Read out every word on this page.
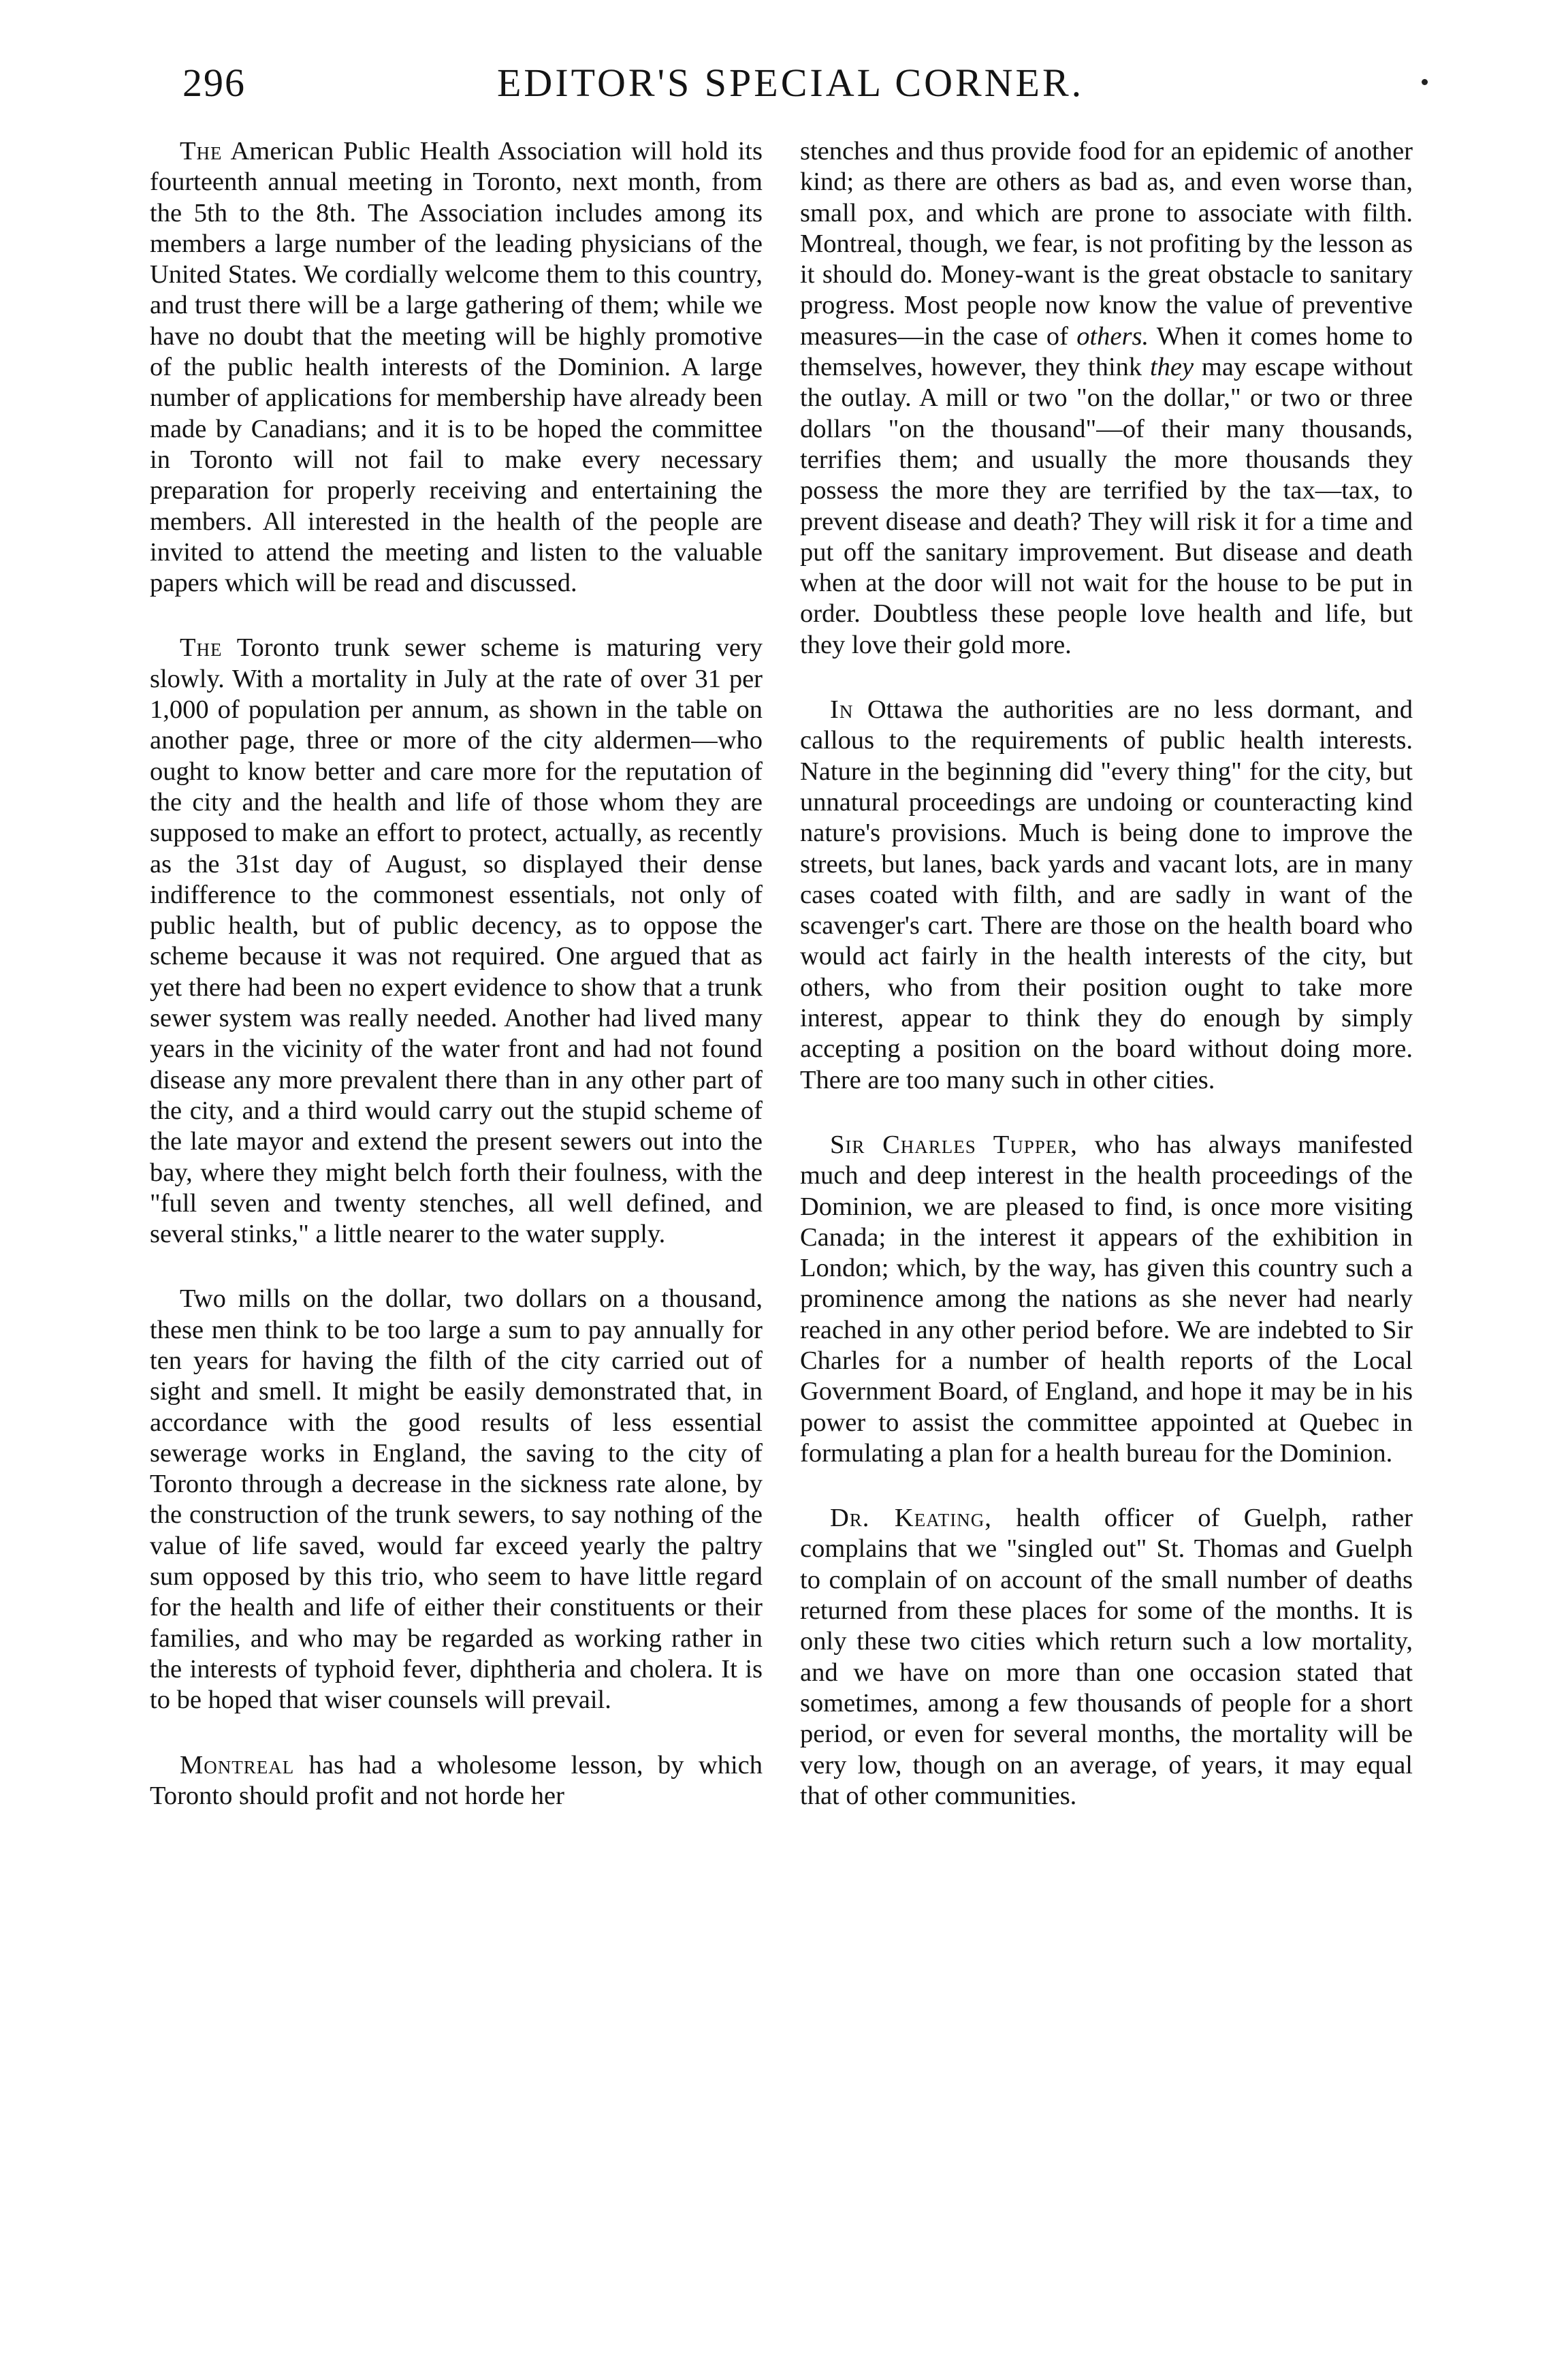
296	EDITOR'S SPECIAL CORNER.

The American Public Health Association will hold its fourteenth annual meeting in Toronto, next month, from the 5th to the 8th. The Association includes among its members a large number of the leading physicians of the United States. We cordially welcome them to this country, and trust there will be a large gathering of them; while we have no doubt that the meeting will be highly promotive of the public health interests of the Dominion. A large number of applications for membership have already been made by Canadians; and it is to be hoped the committee in Toronto will not fail to make every necessary preparation for properly receiving and entertaining the members. All interested in the health of the people are invited to attend the meeting and listen to the valuable papers which will be read and discussed.

The Toronto trunk sewer scheme is maturing very slowly. With a mortality in July at the rate of over 31 per 1,000 of population per annum, as shown in the table on another page, three or more of the city aldermen—who ought to know better and care more for the reputation of the city and the health and life of those whom they are supposed to make an effort to protect, actually, as recently as the 31st day of August, so displayed their dense indifference to the commonest essentials, not only of public health, but of public decency, as to oppose the scheme because it was not required. One argued that as yet there had been no expert evidence to show that a trunk sewer system was really needed. Another had lived many years in the vicinity of the water front and had not found disease any more prevalent there than in any other part of the city, and a third would carry out the stupid scheme of the late mayor and extend the present sewers out into the bay, where they might belch forth their foulness, with the "full seven and twenty stenches, all well defined, and several stinks," a little nearer to the water supply.

Two mills on the dollar, two dollars on a thousand, these men think to be too large a sum to pay annually for ten years for having the filth of the city carried out of sight and smell. It might be easily demonstrated that, in accordance with the good results of less essential sewerage works in England, the saving to the city of Toronto through a decrease in the sickness rate alone, by the construction of the trunk sewers, to say nothing of the value of life saved, would far exceed yearly the paltry sum opposed by this trio, who seem to have little regard for the health and life of either their constituents or their families, and who may be regarded as working rather in the interests of typhoid fever, diphtheria and cholera. It is to be hoped that wiser counsels will prevail.

Montreal has had a wholesome lesson, by which Toronto should profit and not horde her

stenches and thus provide food for an epidemic of another kind; as there are others as bad as, and even worse than, small pox, and which are prone to associate with filth. Montreal, though, we fear, is not profiting by the lesson as it should do. Money-want is the great obstacle to sanitary progress. Most people now know the value of preventive measures—in the case of others. When it comes home to themselves, however, they think they may escape without the outlay. A mill or two "on the dollar," or two or three dollars "on the thousand"—of their many thousands, terrifies them; and usually the more thousands they possess the more they are terrified by the tax—tax, to prevent disease and death? They will risk it for a time and put off the sanitary improvement. But disease and death when at the door will not wait for the house to be put in order. Doubtless these people love health and life, but they love their gold more.

In Ottawa the authorities are no less dormant, and callous to the requirements of public health interests. Nature in the beginning did "every thing" for the city, but unnatural proceedings are undoing or counteracting kind nature's provisions. Much is being done to improve the streets, but lanes, back yards and vacant lots, are in many cases coated with filth, and are sadly in want of the scavenger's cart. There are those on the health board who would act fairly in the health interests of the city, but others, who from their position ought to take more interest, appear to think they do enough by simply accepting a position on the board without doing more. There are too many such in other cities.

Sir Charles Tupper, who has always manifested much and deep interest in the health proceedings of the Dominion, we are pleased to find, is once more visiting Canada; in the interest it appears of the exhibition in London; which, by the way, has given this country such a prominence among the nations as she never had nearly reached in any other period before. We are indebted to Sir Charles for a number of health reports of the Local Government Board, of England, and hope it may be in his power to assist the committee appointed at Quebec in formulating a plan for a health bureau for the Dominion.

Dr. Keating, health officer of Guelph, rather complains that we "singled out" St. Thomas and Guelph to complain of on account of the small number of deaths returned from these places for some of the months. It is only these two cities which return such a low mortality, and we have on more than one occasion stated that sometimes, among a few thousands of people for a short period, or even for several months, the mortality will be very low, though on an average, of years, it may equal that of other communities.
